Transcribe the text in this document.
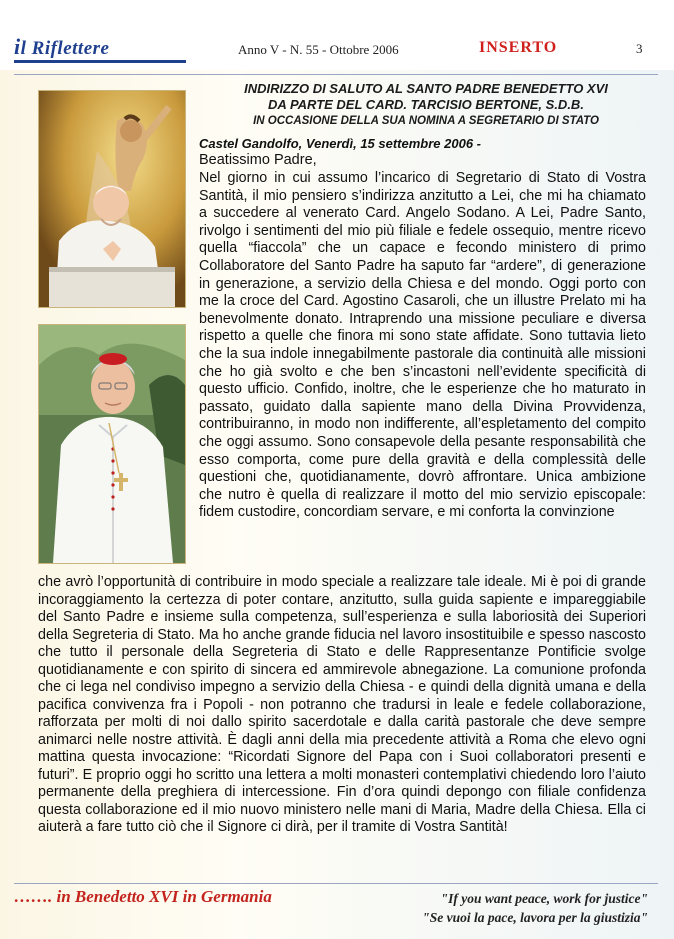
il Riflettere	Anno V - N. 55 - Ottobre 2006	INSERTO	3
INDIRIZZO DI SALUTO AL SANTO PADRE BENEDETTO XVI
DA PARTE DEL CARD. TARCISIO BERTONE, S.D.B.
IN OCCASIONE DELLA SUA NOMINA A SEGRETARIO DI STATO
Castel Gandolfo, Venerdì, 15 settembre 2006 -
Beatissimo Padre,
Nel giorno in cui assumo l’incarico di Segretario di Stato di Vostra Santità, il mio pensiero s’indirizza anzitutto a Lei, che mi ha chiamato a succedere al venerato Card. Angelo Sodano. A Lei, Padre Santo, rivolgo i sentimenti del mio più filiale e fedele ossequio, mentre ricevo quella “fiaccola” che un capace e fecondo ministero di primo Collaboratore del Santo Padre ha saputo far “ardere”, di generazione in generazione, a servizio della Chiesa e del mondo. Oggi porto con me la croce del Card. Agostino Casaroli, che un illustre Prelato mi ha benevolmente donato. Intraprendo una missione peculiare e diversa rispetto a quelle che finora mi sono state affidate. Sono tuttavia lieto che la sua indole innegabilmente pastorale dia continuità alle missioni che ho già svolto e che ben s’incastoni nell’evidente specificità di questo ufficio. Confido, inoltre, che le esperienze che ho maturato in passato, guidato dalla sapiente mano della Divina Provvidenza, contribuiranno, in modo non indifferente, all’espletamento del compito che oggi assumo. Sono consapevole della pesante responsabilità che esso comporta, come pure della gravità e della complessità delle questioni che, quotidianamente, dovrò affrontare. Unica ambizione che nutro è quella di realizzare il motto del mio servizio episcopale: fidem custodire, concordiam servare, e mi conforta la convinzione
che avrò l’opportunità di contribuire in modo speciale a realizzare tale ideale. Mi è poi di grande incoraggiamento la certezza di poter contare, anzitutto, sulla guida sapiente e impareggiabile del Santo Padre e insieme sulla competenza, sull’esperienza e sulla laboriosità dei Superiori della Segreteria di Stato. Ma ho anche grande fiducia nel lavoro insostituibile e spesso nascosto che tutto il personale della Segreteria di Stato e delle Rappresentanze Pontificie svolge quotidianamente e con spirito di sincera ed ammirevole abnegazione. La comunione profonda che ci lega nel condiviso impegno a servizio della Chiesa - e quindi della dignità umana e della pacifica convivenza fra i Popoli - non potranno che tradursi in leale e fedele collaborazione, rafforzata per molti di noi dallo spirito sacerdotale e dalla carità pastorale che deve sempre animarci nelle nostre attività. È dagli anni della mia precedente attività a Roma che elevo ogni mattina questa invocazione: “Ricordati Signore del Papa con i Suoi collaboratori presenti e futuri”. E proprio oggi ho scritto una lettera a molti monasteri contemplativi chiedendo loro l’aiuto permanente della preghiera di intercessione. Fin d’ora quindi depongo con filiale confidenza questa collaborazione ed il mio nuovo ministero nelle mani di Maria, Madre della Chiesa. Ella ci aiuterà a fare tutto ciò che il Signore ci dirà, per il tramite di Vostra Santità!
……. in Benedetto XVI in Germania	"If you want peace, work for justice"
"Se vuoi la pace, lavora per la giustizia"
